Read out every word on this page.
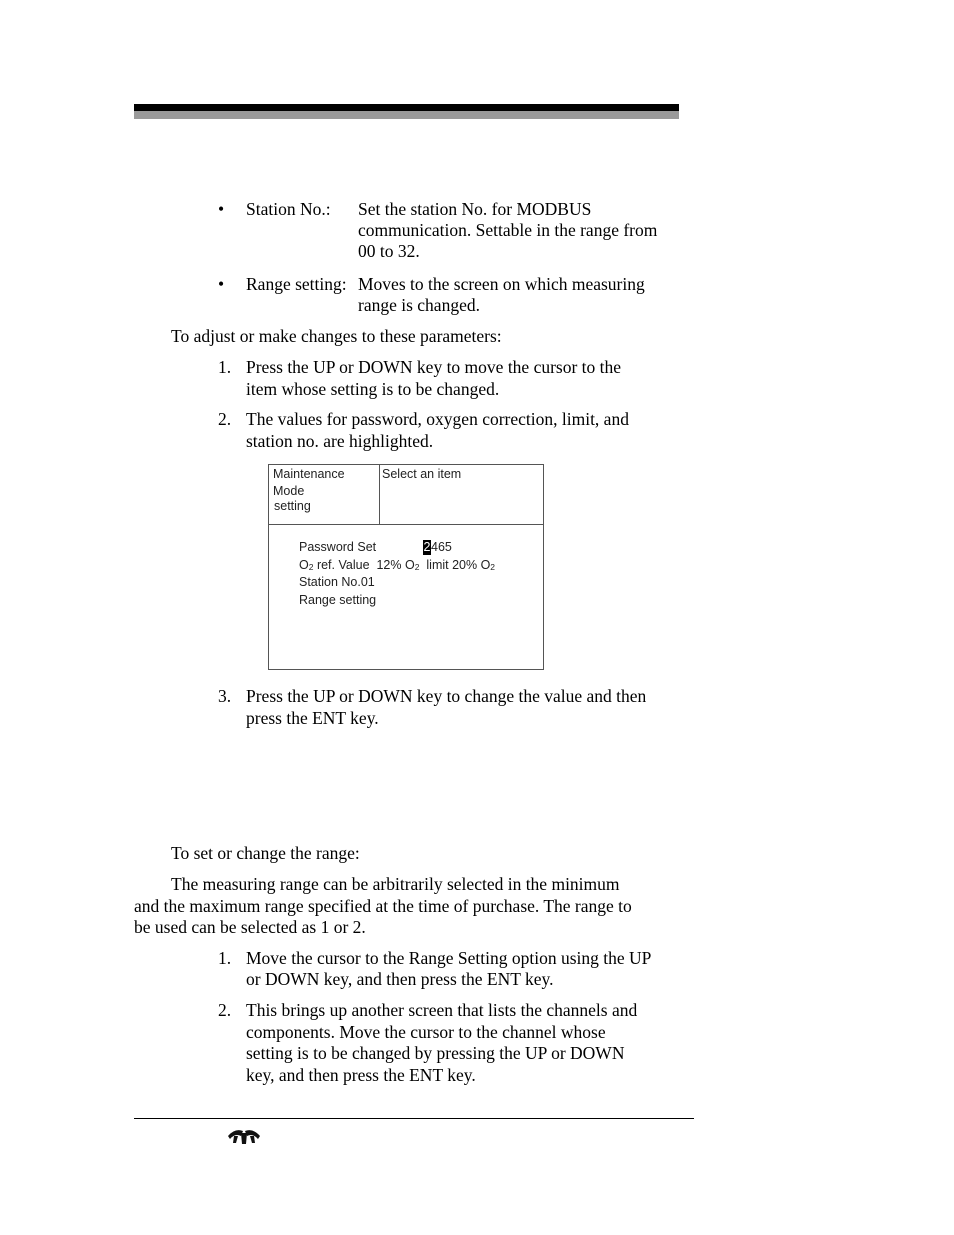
• Station No.: Set the station No. for MODBUS
communication. Settable in the range from
00 to 32.
• Range setting: Moves to the screen on which measuring
range is changed.
To adjust or make changes to these parameters:
1. Press the UP or DOWN key to move the cursor to the
item whose setting is to be changed.
2. The values for password, oxygen correction, limit, and
station no. are highlighted.
Maintenance
Mode
setting
Select an item
Password Set	2465
O2 ref. Value 12% O2 limit 20% O2
Station No.01
Range setting
3. Press the UP or DOWN key to change the value and then
press the ENT key.
To set or change the range:
The measuring range can be arbitrarily selected in the minimum
and the maximum range specified at the time of purchase. The range to
be used can be selected as 1 or 2.
1. Move the cursor to the Range Setting option using the UP
or DOWN key, and then press the ENT key.
2. This brings up another screen that lists the channels and
components. Move the cursor to the channel whose
setting is to be changed by pressing the UP or DOWN
key, and then press the ENT key.
